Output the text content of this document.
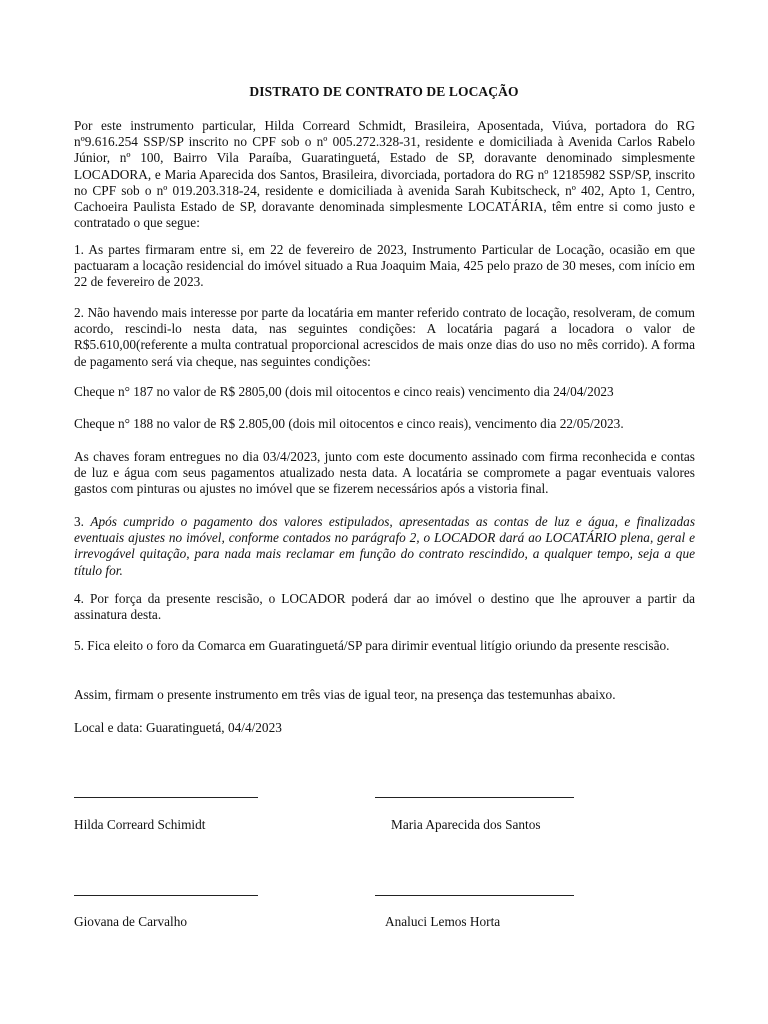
DISTRATO DE CONTRATO DE LOCAÇÃO

Por este instrumento particular, Hilda Correard Schmidt, Brasileira, Aposentada, Viúva, portadora do RG nº9.616.254 SSP/SP inscrito no CPF sob o nº 005.272.328-31, residente e domiciliada à Avenida Carlos Rabelo Júnior, nº 100, Bairro Vila Paraíba, Guaratinguetá, Estado de SP, doravante denominado simplesmente LOCADORA, e Maria Aparecida dos Santos, Brasileira, divorciada, portadora do RG nº 12185982 SSP/SP, inscrito no CPF sob o nº 019.203.318-24, residente e domiciliada à avenida Sarah Kubitscheck, nº 402, Apto 1, Centro, Cachoeira Paulista Estado de SP, doravante denominada simplesmente LOCATÁRIA, têm entre si como justo e contratado o que segue:

1. As partes firmaram entre si, em 22 de fevereiro de 2023, Instrumento Particular de Locação, ocasião em que pactuaram a locação residencial do imóvel situado a Rua Joaquim Maia, 425 pelo prazo de 30 meses, com início em 22 de fevereiro de 2023.

2. Não havendo mais interesse por parte da locatária em manter referido contrato de locação, resolveram, de comum acordo, rescindi-lo nesta data, nas seguintes condições: A locatária pagará a locadora o valor de R$5.610,00(referente a multa contratual proporcional acrescidos de mais onze dias do uso no mês corrido). A forma de pagamento será via cheque, nas seguintes condições:

Cheque n° 187 no valor de R$ 2805,00 (dois mil oitocentos e cinco reais) vencimento dia 24/04/2023

Cheque n° 188 no valor de R$ 2.805,00 (dois mil oitocentos e cinco reais), vencimento dia 22/05/2023.

As chaves foram entregues no dia 03/4/2023, junto com este documento assinado com firma reconhecida e contas de luz e água com seus pagamentos atualizado nesta data. A locatária se compromete a pagar eventuais valores gastos com pinturas ou ajustes no imóvel que se fizerem necessários após a vistoria final.

3. Após cumprido o pagamento dos valores estipulados, apresentadas as contas de luz e água, e finalizadas eventuais ajustes no imóvel, conforme contados no parágrafo 2, o LOCADOR dará ao LOCATÁRIO plena, geral e irrevogável quitação, para nada mais reclamar em função do contrato rescindido, a qualquer tempo, seja a que título for.

4. Por força da presente rescisão, o LOCADOR poderá dar ao imóvel o destino que lhe aprouver a partir da assinatura desta.

5. Fica eleito o foro da Comarca em Guaratinguetá/SP para dirimir eventual litígio oriundo da presente rescisão.

Assim, firmam o presente instrumento em três vias de igual teor, na presença das testemunhas abaixo.

Local e data: Guaratinguetá, 04/4/2023

Hilda Correard Schimidt	Maria Aparecida dos Santos
Giovana de Carvalho	Analuci Lemos Horta
